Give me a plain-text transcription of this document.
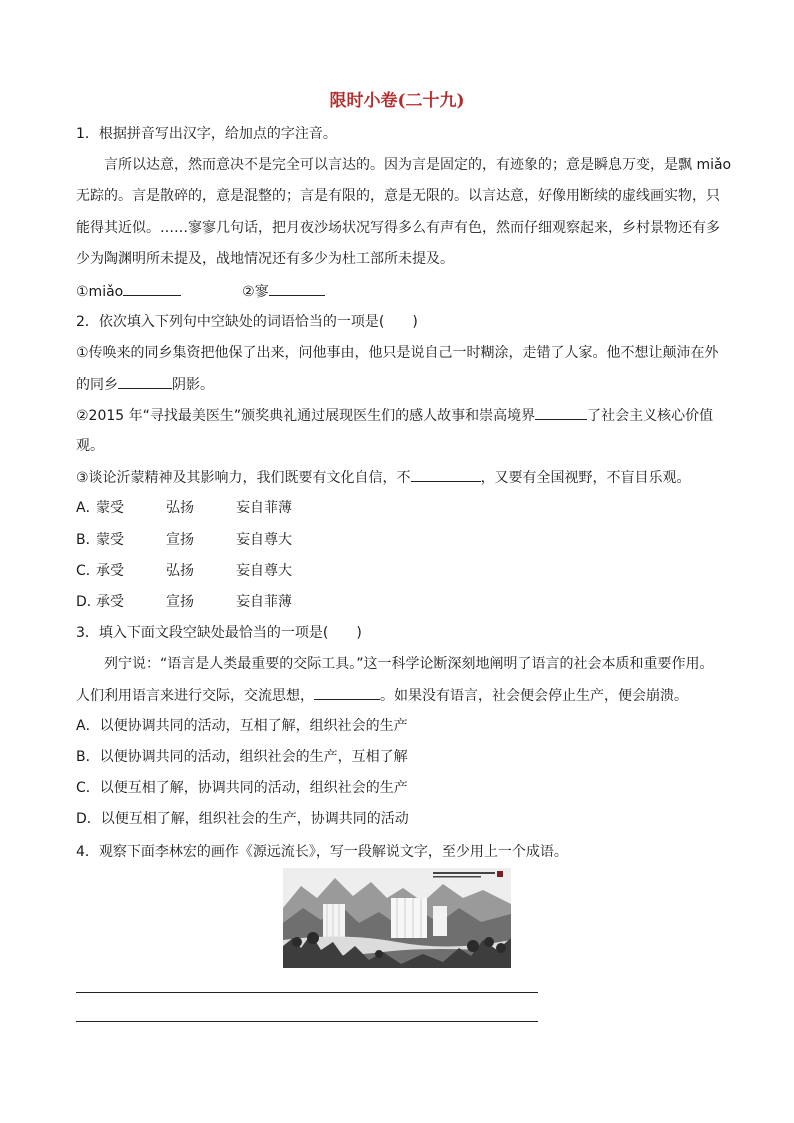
限时小卷(二十九)
1．根据拼音写出汉字，给加点的字注音。
言所以达意，然而意决不是完全可以言达的。因为言是固定的，有迹象的；意是瞬息万变，是飘 miǎo
无踪的。言是散碎的，意是混整的；言是有限的，意是无限的。以言达意，好像用断续的虚线画实物，只
能得其近似。……寥寥几句话，把月夜沙场状况写得多么有声有色，然而仔细观察起来，乡村景物还有多
少为陶渊明所未提及，战地情况还有多少为杜工部所未提及。
①miǎo	②寥
2．依次填入下列句中空缺处的词语恰当的一项是(　　)
①传唤来的同乡集资把他保了出来，问他事由，他只是说自己一时糊涂，走错了人家。他不想让颠沛在外
的同乡	阴影。
②2015 年“寻找最美医生”颁奖典礼通过展现医生们的感人故事和崇高境界	了社会主义核心价值
观。
③谈论沂蒙精神及其影响力，我们既要有文化自信，不	，又要有全国视野，不盲目乐观。
A．
蒙受	弘扬	妄自菲薄
B．
蒙受	宣扬	妄自尊大
C．
承受	弘扬	妄自尊大
D．
承受	宣扬	妄自菲薄
3．填入下面文段空缺处最恰当的一项是(　　)
列宁说：“语言是人类最重要的交际工具。”这一科学论断深刻地阐明了语言的社会本质和重要作用。
人们利用语言来进行交际，交流思想，	。如果没有语言，社会便会停止生产，便会崩溃。
A．以便协调共同的活动，互相了解，组织社会的生产
B．以便协调共同的活动，组织社会的生产，互相了解
C．以便互相了解，协调共同的活动，组织社会的生产
D．以便互相了解，组织社会的生产，协调共同的活动
4．观察下面李林宏的画作《源远流长》，写一段解说文字，至少用上一个成语。
